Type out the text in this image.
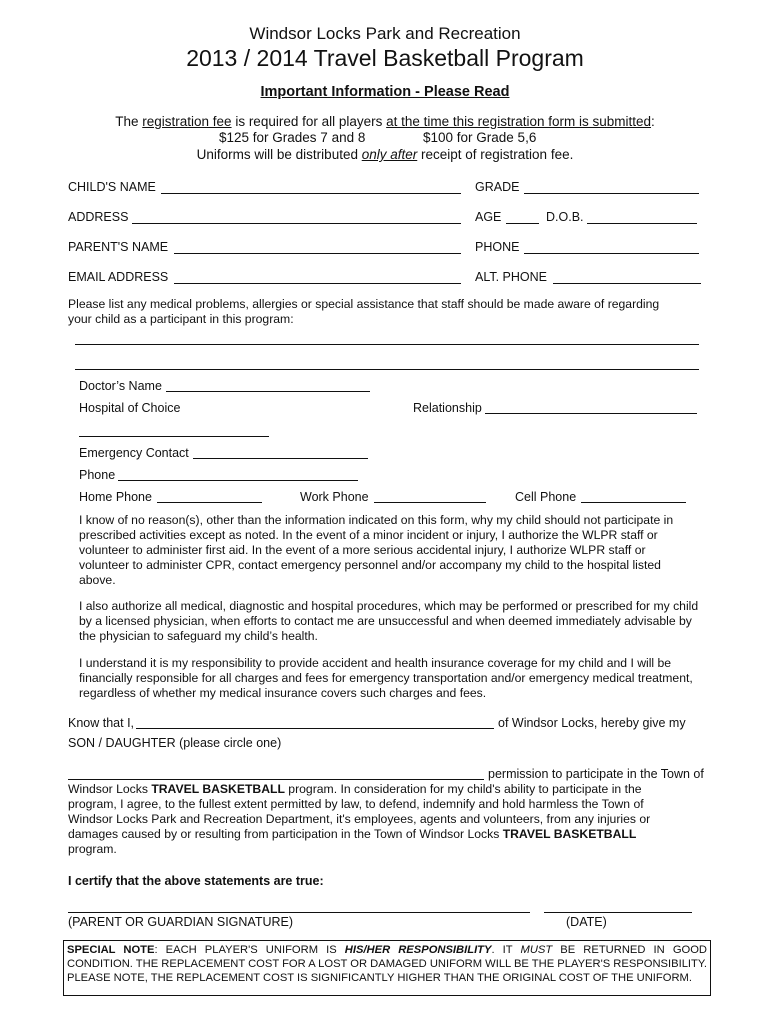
Windsor Locks Park and Recreation
2013 / 2014 Travel Basketball Program
Important Information - Please Read
The registration fee is required for all players at the time this registration form is submitted:
$125 for Grades 7 and 8	$100 for Grade 5,6
Uniforms will be distributed only after receipt of registration fee.
CHILD'S NAME	GRADE
ADDRESS	AGE	D.O.B.
PARENT'S NAME	PHONE
EMAIL ADDRESS	ALT. PHONE
Please list any medical problems, allergies or special assistance that staff should be made aware of regarding
your child as a participant in this program:
Doctor’s Name
Hospital of Choice	Relationship
Emergency Contact
Phone
Home Phone	Work Phone	Cell Phone
I know of no reason(s), other than the information indicated on this form, why my child should not participate in prescribed activities except as noted. In the event of a minor incident or injury, I authorize the WLPR staff or volunteer to administer first aid. In the event of a more serious accidental injury, I authorize WLPR staff or volunteer to administer CPR, contact emergency personnel and/or accompany my child to the hospital listed above.
I also authorize all medical, diagnostic and hospital procedures, which may be performed or prescribed for my child by a licensed physician, when efforts to contact me are unsuccessful and when deemed immediately advisable by the physician to safeguard my child’s health.
I understand it is my responsibility to provide accident and health insurance coverage for my child and I will be financially responsible for all charges and fees for emergency transportation and/or emergency medical treatment, regardless of whether my medical insurance covers such charges and fees.
Know that I,	of Windsor Locks, hereby give my
SON / DAUGHTER (please circle one)
permission to participate in the Town of
Windsor Locks TRAVEL BASKETBALL program. In consideration for my child's ability to participate in the
program, I agree, to the fullest extent permitted by law, to defend, indemnify and hold harmless the Town of
Windsor Locks Park and Recreation Department, it's employees, agents and volunteers, from any injuries or
damages caused by or resulting from participation in the Town of Windsor Locks TRAVEL BASKETBALL
program.
I certify that the above statements are true:
(PARENT OR GUARDIAN SIGNATURE)	(DATE)
SPECIAL NOTE: EACH PLAYER'S UNIFORM IS HIS/HER RESPONSIBILITY. IT MUST BE RETURNED IN GOOD CONDITION. THE REPLACEMENT COST FOR A LOST OR DAMAGED UNIFORM WILL BE THE PLAYER'S RESPONSIBILITY. PLEASE NOTE, THE REPLACEMENT COST IS SIGNIFICANTLY HIGHER THAN THE ORIGINAL COST OF THE UNIFORM.
